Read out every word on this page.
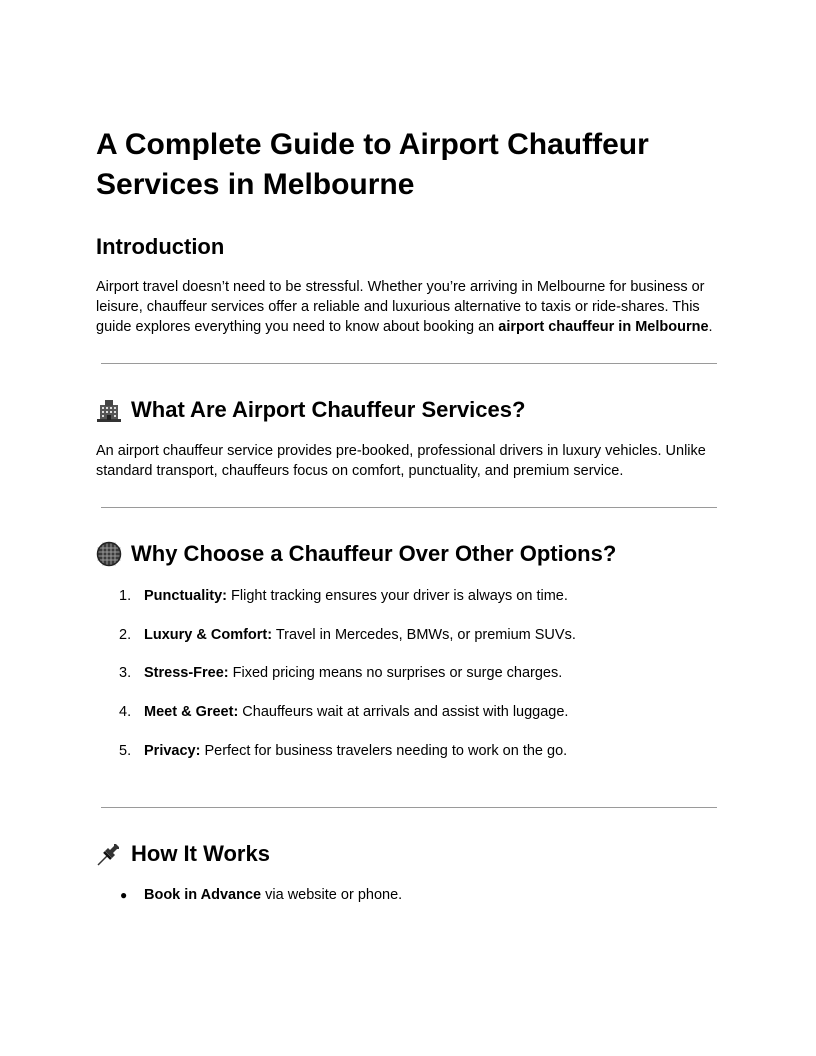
A Complete Guide to Airport Chauffeur Services in Melbourne
Introduction

Airport travel doesn’t need to be stressful. Whether you’re arriving in Melbourne for business or leisure, chauffeur services offer a reliable and luxurious alternative to taxis or ride-shares. This guide explores everything you need to know about booking an airport chauffeur in Melbourne.

What Are Airport Chauffeur Services?

An airport chauffeur service provides pre-booked, professional drivers in luxury vehicles. Unlike standard transport, chauffeurs focus on comfort, punctuality, and premium service.

Why Choose a Chauffeur Over Other Options?
1. Punctuality: Flight tracking ensures your driver is always on time.
2. Luxury & Comfort: Travel in Mercedes, BMWs, or premium SUVs.
3. Stress-Free: Fixed pricing means no surprises or surge charges.
4. Meet & Greet: Chauffeurs wait at arrivals and assist with luggage.
5. Privacy: Perfect for business travelers needing to work on the go.
How It Works
● Book in Advance via website or phone.
